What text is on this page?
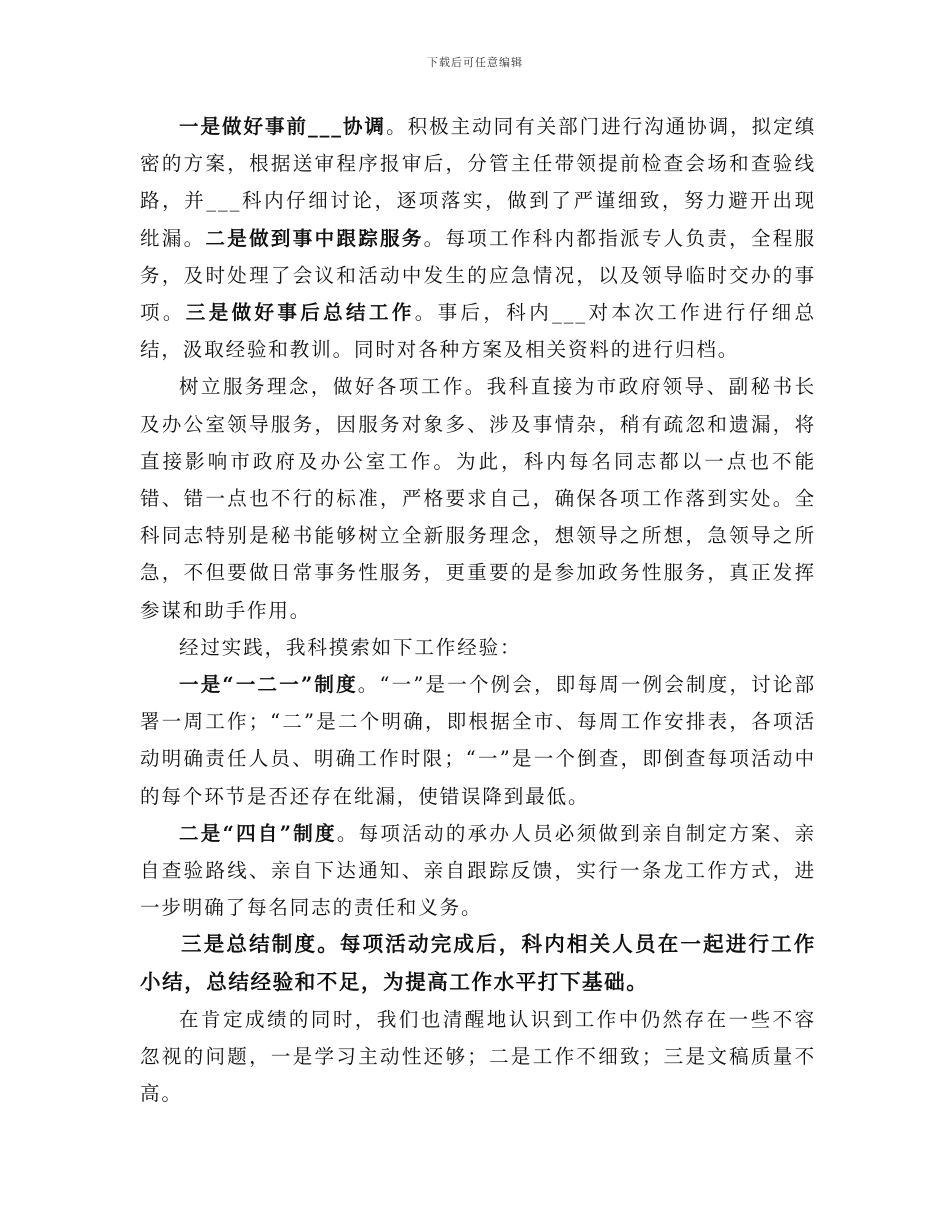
下载后可任意编辑

一是做好事前___协调。积极主动同有关部门进行沟通协调，拟定缜密的方案，根据送审程序报审后，分管主任带领提前检查会场和查验线路，并___科内仔细讨论，逐项落实，做到了严谨细致，努力避开出现纰漏。二是做到事中跟踪服务。每项工作科内都指派专人负责，全程服务，及时处理了会议和活动中发生的应急情况，以及领导临时交办的事项。三是做好事后总结工作。事后，科内___对本次工作进行仔细总结，汲取经验和教训。同时对各种方案及相关资料的进行归档。

树立服务理念，做好各项工作。我科直接为市政府领导、副秘书长及办公室领导服务，因服务对象多、涉及事情杂，稍有疏忽和遗漏，将直接影响市政府及办公室工作。为此，科内每名同志都以一点也不能错、错一点也不行的标准，严格要求自己，确保各项工作落到实处。全科同志特别是秘书能够树立全新服务理念，想领导之所想，急领导之所急，不但要做日常事务性服务，更重要的是参加政务性服务，真正发挥参谋和助手作用。

经过实践，我科摸索如下工作经验：

一是“一二一”制度。“一”是一个例会，即每周一例会制度，讨论部署一周工作；“二”是二个明确，即根据全市、每周工作安排表，各项活动明确责任人员、明确工作时限；“一”是一个倒查，即倒查每项活动中的每个环节是否还存在纰漏，使错误降到最低。

二是“四自”制度。每项活动的承办人员必须做到亲自制定方案、亲自查验路线、亲自下达通知、亲自跟踪反馈，实行一条龙工作方式，进一步明确了每名同志的责任和义务。

三是总结制度。每项活动完成后，科内相关人员在一起进行工作小结，总结经验和不足，为提高工作水平打下基础。

在肯定成绩的同时，我们也清醒地认识到工作中仍然存在一些不容忽视的问题，一是学习主动性还够；二是工作不细致；三是文稿质量不高。
